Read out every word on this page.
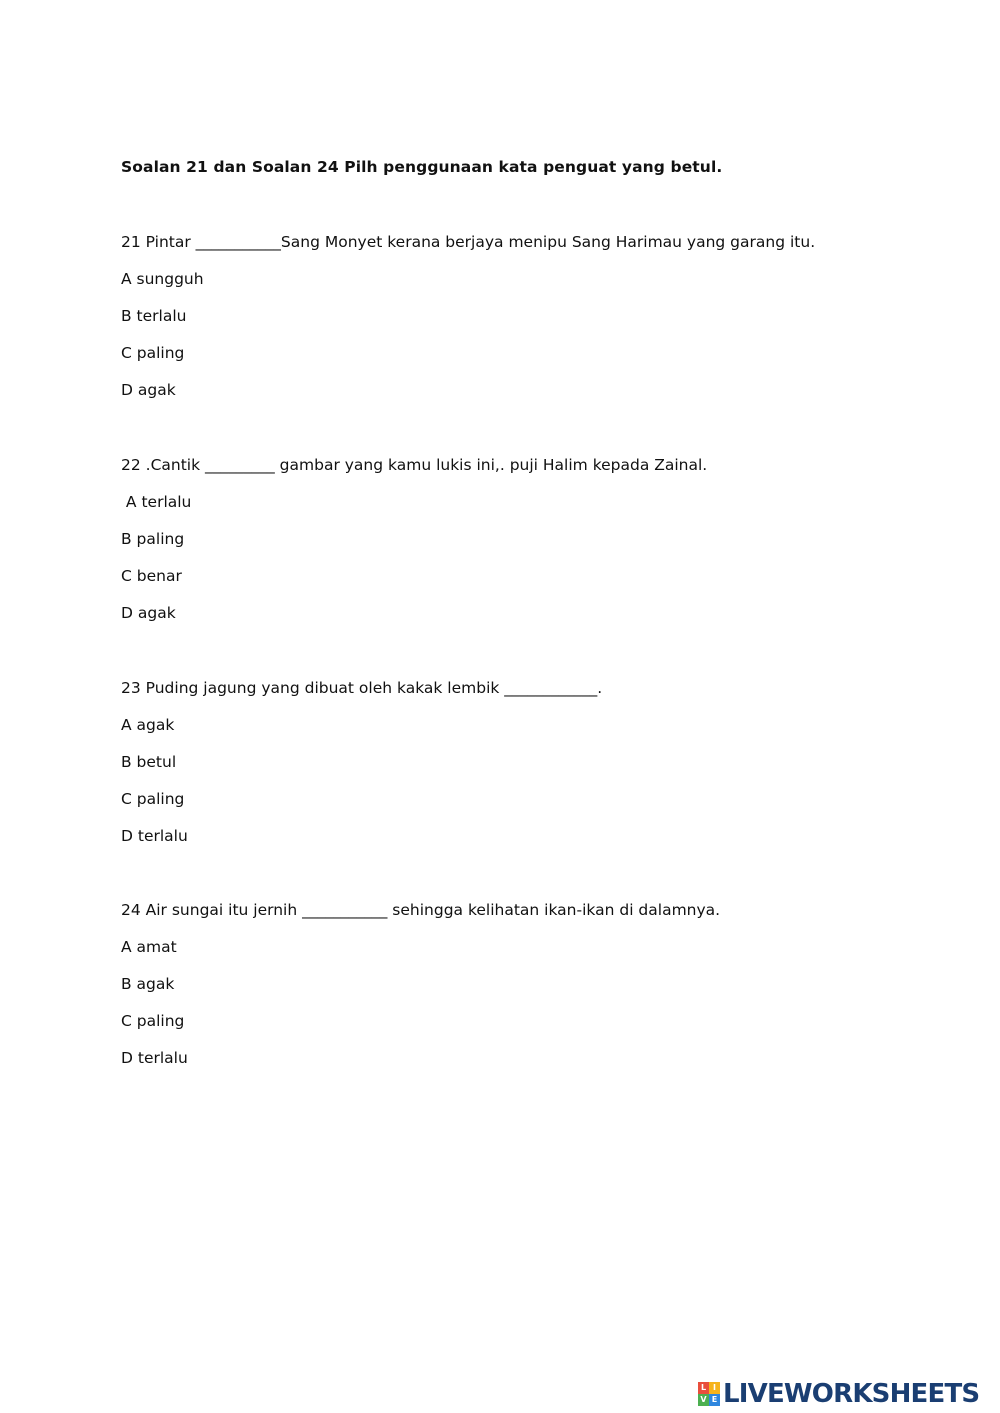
Soalan 21 dan Soalan 24 Pilh penggunaan kata penguat yang betul.
21 Pintar ___________Sang Monyet kerana berjaya menipu Sang Harimau yang garang itu.
A sungguh
B terlalu
C paling
D agak
22 .Cantik _________ gambar yang kamu lukis ini,. puji Halim kepada Zainal.
A terlalu
B paling
C benar
D agak
23 Puding jagung yang dibuat oleh kakak lembik ____________.
A agak
B betul
C paling
D terlalu
24 Air sungai itu jernih ___________ sehingga kelihatan ikan-ikan di dalamnya.
A amat
B agak
C paling
D terlalu
L I
V E LIVEWORKSHEETS
